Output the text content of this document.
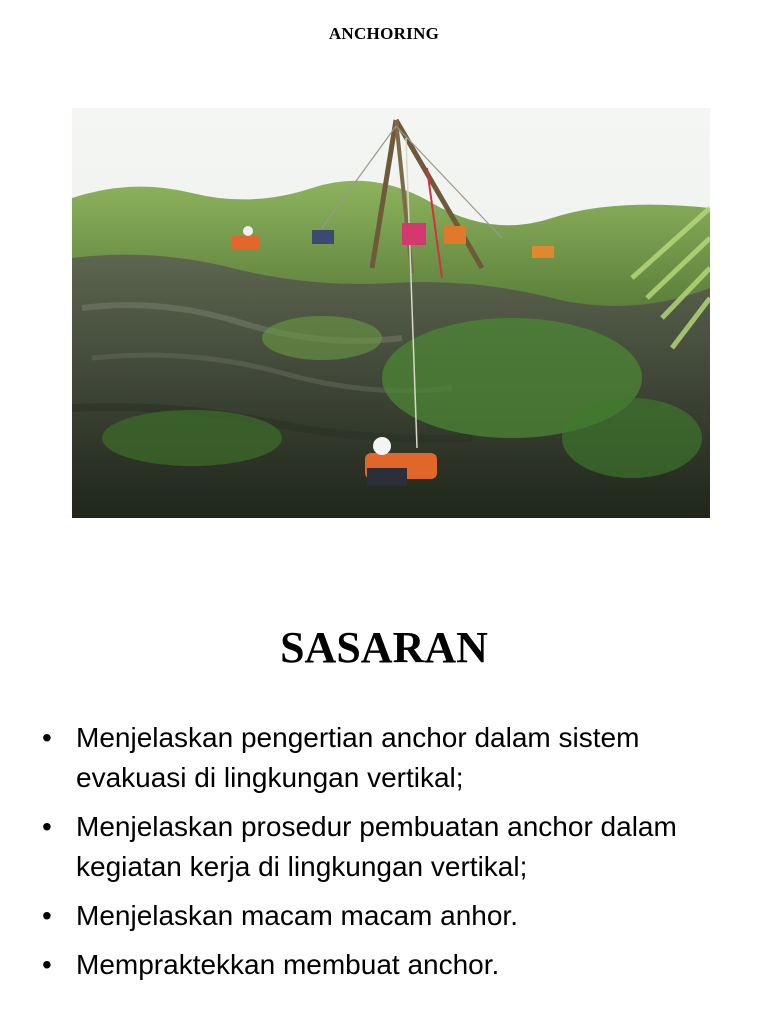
ANCHORING
SASARAN
• Menjelaskan pengertian anchor dalam sistem evakuasi di lingkungan vertikal;
• Menjelaskan prosedur pembuatan anchor dalam kegiatan kerja di lingkungan vertikal;
• Menjelaskan macam macam anhor.
• Mempraktekkan membuat anchor.
